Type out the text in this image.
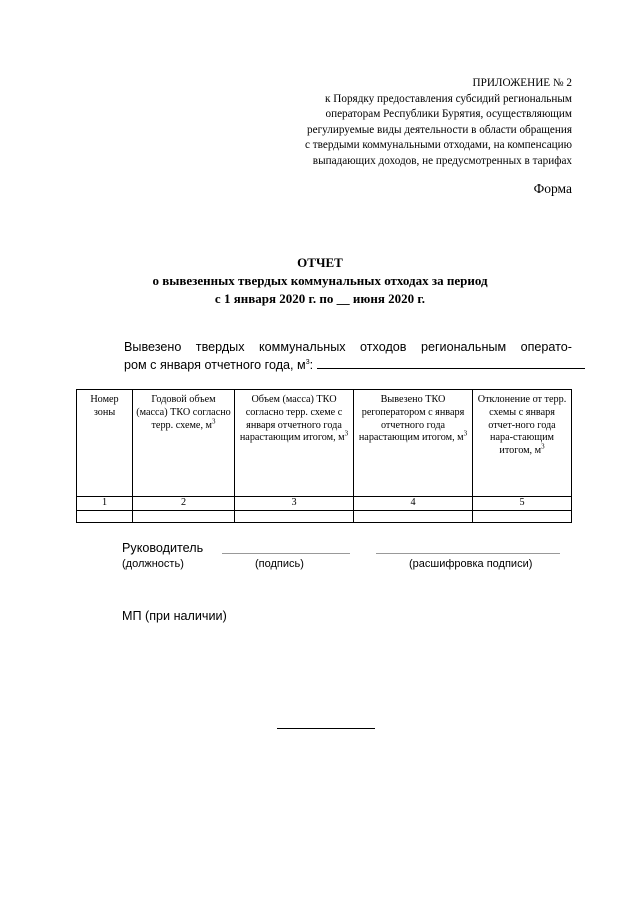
ПРИЛОЖЕНИЕ № 2
к Порядку предоставления субсидий региональным
операторам Республики Бурятия, осуществляющим
регулируемые виды деятельности в области обращения
с твердыми коммунальными отходами, на компенсацию
выпадающих доходов, не предусмотренных в тарифах
Форма
ОТЧЕТ
о вывезенных твердых коммунальных отходах за период
с 1 января 2020 г. по __ июня 2020 г.
Вывезено твердых коммунальных отходов региональным операто-
ром с января отчетного года, $м^3$:
Номер зоны	Годовой объем (масса) ТКО согласно терр. схеме, $м^3$	Объем (масса) ТКО согласно терр. схеме с января отчетного года нарастающим итогом, $м^3$	Вывезено ТКО регоператором с января отчетного года нарастающим итогом, $м^3$	Отклонение от терр. схемы с января отчет-ного года нара-стающим итогом, $м^3$
1	2	3	4	5

Руководитель
(должность)	(подпись)	(расшифровка подписи)
МП (при наличии)
